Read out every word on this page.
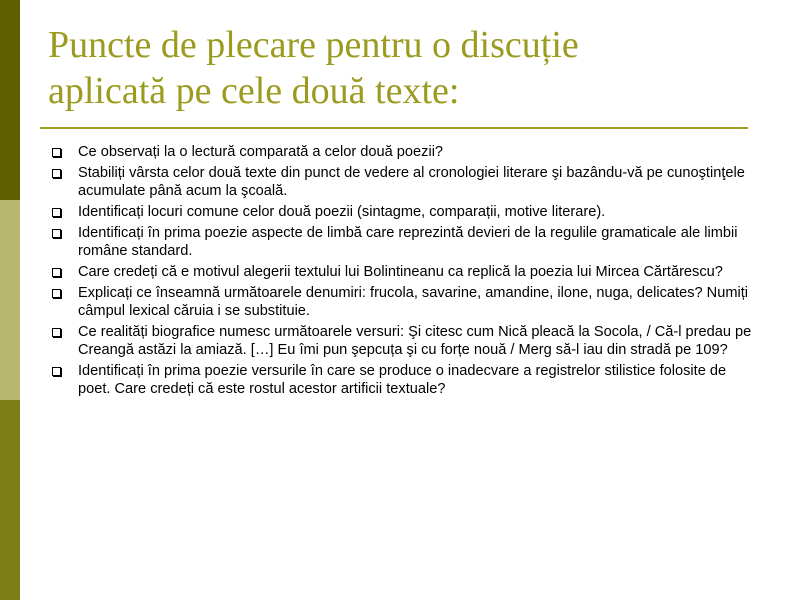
Puncte de plecare pentru o discuție
aplicată pe cele două texte:
Ce observați la o lectură comparată a celor două poezii?
Stabiliți vârsta celor două texte din punct de vedere al cronologiei literare şi bazându-vă pe cunoştinţele acumulate până acum la şcoală.
Identificați locuri comune celor două poezii (sintagme, comparații, motive literare).
Identificați în prima poezie aspecte de limbă care reprezintă devieri de la regulile gramaticale ale limbii române standard.
Care credeți că e motivul alegerii textului lui Bolintineanu ca replică la poezia lui Mircea Cărtărescu?
Explicați ce înseamnă următoarele denumiri: frucola, savarine, amandine, ilone, nuga, delicates? Numiți câmpul lexical căruia i se substituie.
Ce realități biografice numesc următoarele versuri: Şi citesc cum Nică pleacă la Socola, / Că-l predau pe Creangă astăzi la amiază. […] Eu îmi pun şepcuța şi cu forțe nouă / Merg să-l iau din stradă pe 109?
Identificați în prima poezie versurile în care se produce o inadecvare a registrelor stilistice folosite de poet. Care credeți că este rostul acestor artificii textuale?
